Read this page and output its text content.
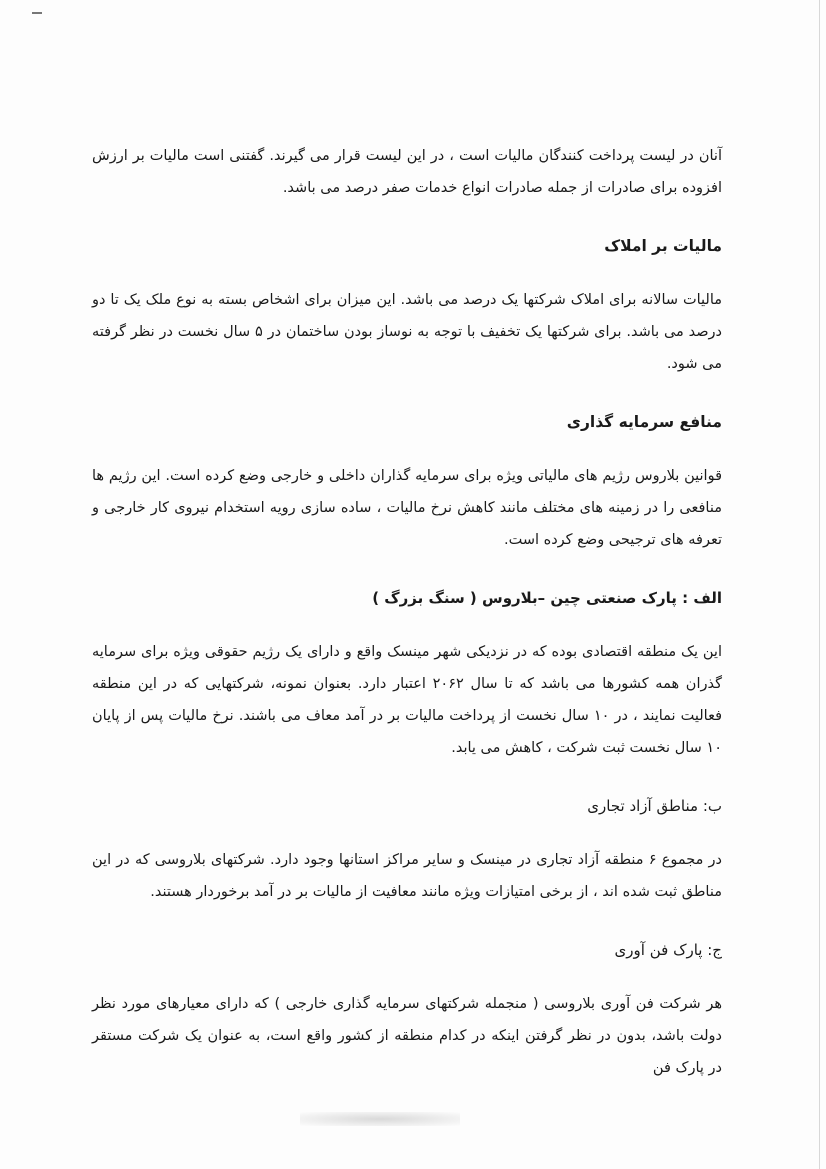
آنان در لیست پرداخت کنندگان مالیات است ، در این لیست قرار می گیرند. گفتنی است مالیات بر ارزش افزوده برای صادرات از جمله صادرات انواع خدمات صفر درصد می باشد.

مالیات بر املاک

مالیات سالانه برای املاک شرکتها یک درصد می باشد. این میزان برای اشخاص بسته به نوع ملک یک تا دو درصد می باشد. برای شرکتها یک تخفیف با توجه به نوساز بودن ساختمان در ۵ سال نخست در نظر گرفته می شود.

منافع سرمایه گذاری

قوانین بلاروس رژیم های مالیاتی ویژه برای سرمایه گذاران داخلی و خارجی وضع کرده است. این رژیم ها منافعی را در زمینه های مختلف مانند کاهش نرخ مالیات ، ساده سازی رویه استخدام نیروی کار خارجی و تعرفه های ترجیحی وضع کرده است.

الف : پارک صنعتی چین –بلاروس ( سنگ بزرگ )

این یک منطقه اقتصادی بوده که در نزدیکی شهر مینسک واقع و دارای یک رژیم حقوقی ویژه برای سرمایه گذران همه کشورها می باشد که تا سال ۲۰۶۲ اعتبار دارد. بعنوان نمونه، شرکتهایی که در این منطقه فعالیت نمایند ، در ۱۰ سال نخست از پرداخت مالیات بر در آمد معاف می باشند. نرخ مالیات پس از پایان ۱۰ سال نخست ثبت شرکت ، کاهش می یابد.

ب: مناطق آزاد تجاری

در مجموع ۶ منطقه آزاد تجاری در مینسک و سایر مراکز استانها وجود دارد. شرکتهای بلاروسی که در این مناطق ثبت شده اند ، از برخی امتیازات ویژه مانند معافیت از مالیات بر در آمد برخوردار هستند.

ج: پارک فن آوری

هر شرکت فن آوری بلاروسی ( منجمله شرکتهای سرمایه گذاری خارجی ) که دارای معیارهای مورد نظر دولت باشد، بدون در نظر گرفتن اینکه در کدام منطقه از کشور واقع است، به عنوان یک شرکت مستقر در پارک فن
